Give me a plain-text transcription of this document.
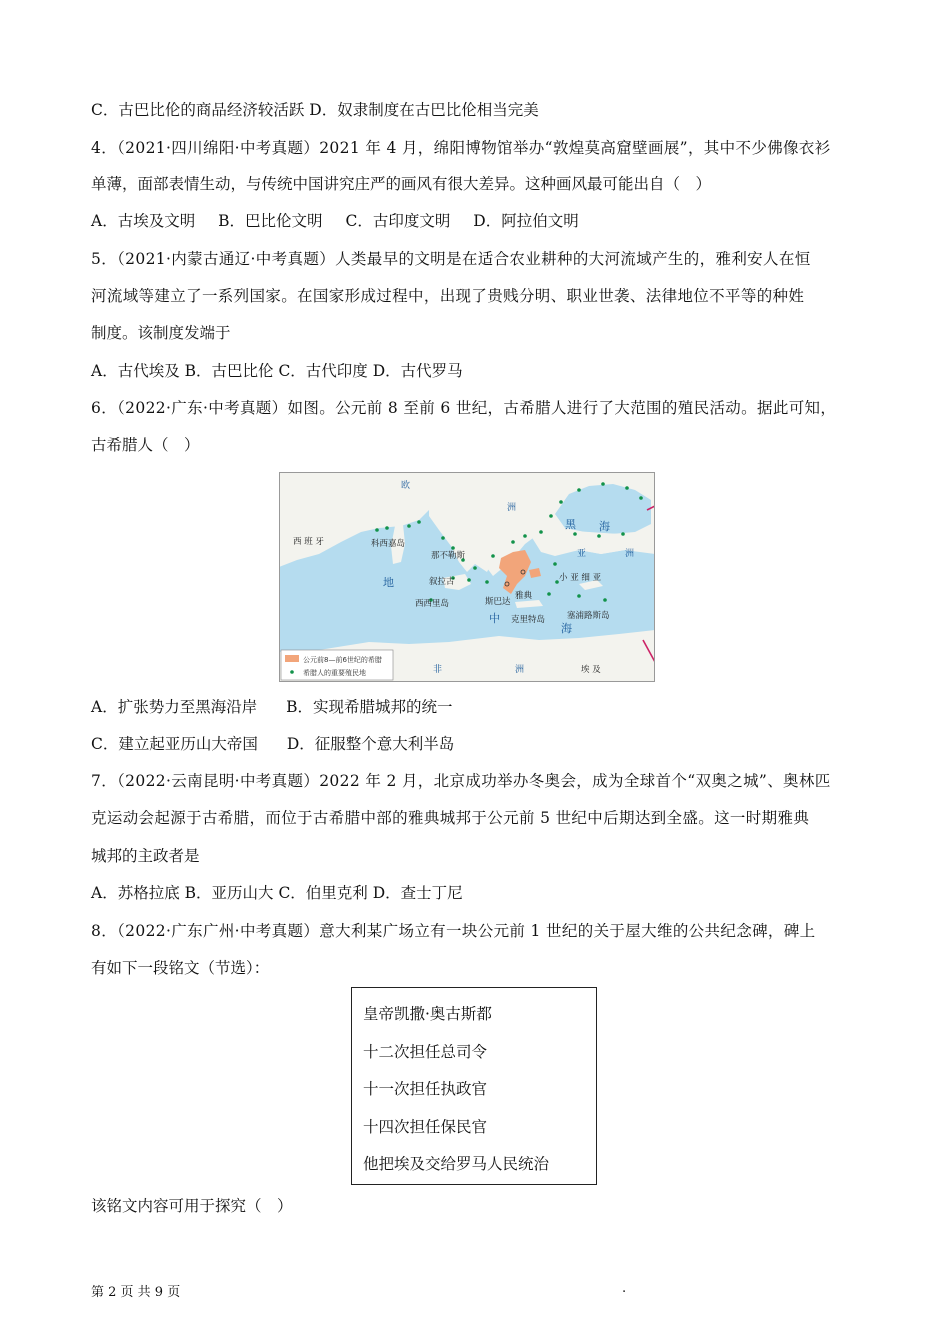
C．古巴比伦的商品经济较活跃 D．奴隶制度在古巴比伦相当完美
4．（2021·四川绵阳·中考真题）2021 年 4 月，绵阳博物馆举办“敦煌莫高窟壁画展”，其中不少佛像衣衫
单薄，面部表情生动，与传统中国讲究庄严的画风有很大差异。这种画风最可能出自（　）
A．古埃及文明 B．巴比伦文明 C．古印度文明 D．阿拉伯文明
5．（2021·内蒙古通辽·中考真题）人类最早的文明是在适合农业耕种的大河流域产生的，雅利安人在恒
河流域等建立了一系列国家。在国家形成过程中，出现了贵贱分明、职业世袭、法律地位不平等的种姓
制度。该制度发端于
A．古代埃及 B．古巴比伦 C．古代印度 D．古代罗马
6．（2022·广东·中考真题）如图。公元前 8 至前 6 世纪，古希腊人进行了大范围的殖民活动。据此可知，
古希腊人（　）
欧
洲
黑 海
亚	洲
地
中
海
非	洲
西 班 牙	科西嘉岛
那不勒斯
叙拉古
西西里岛	斯巴达
雅典
克里特岛	塞浦路斯岛
小 亚 细 亚
埃 及
公元前8—前6世纪的希腊
希腊人的重要殖民地
A．扩张势力至黑海沿岸 B．实现希腊城邦的统一
C．建立起亚历山大帝国 D．征服整个意大利半岛
7．（2022·云南昆明·中考真题）2022 年 2 月，北京成功举办冬奥会，成为全球首个“双奥之城”、奥林匹
克运动会起源于古希腊，而位于古希腊中部的雅典城邦于公元前 5 世纪中后期达到全盛。这一时期雅典
城邦的主政者是
A．苏格拉底 B．亚历山大 C．伯里克利 D．查士丁尼
8．（2022·广东广州·中考真题）意大利某广场立有一块公元前 1 世纪的关于屋大维的公共纪念碑，碑上
有如下一段铭文（节选）：
皇帝凯撒·奥古斯都
十二次担任总司令
十一次担任执政官
十四次担任保民官
他把埃及交给罗马人民统治
该铭文内容可用于探究（　）
第 2 页 共 9 页	.
